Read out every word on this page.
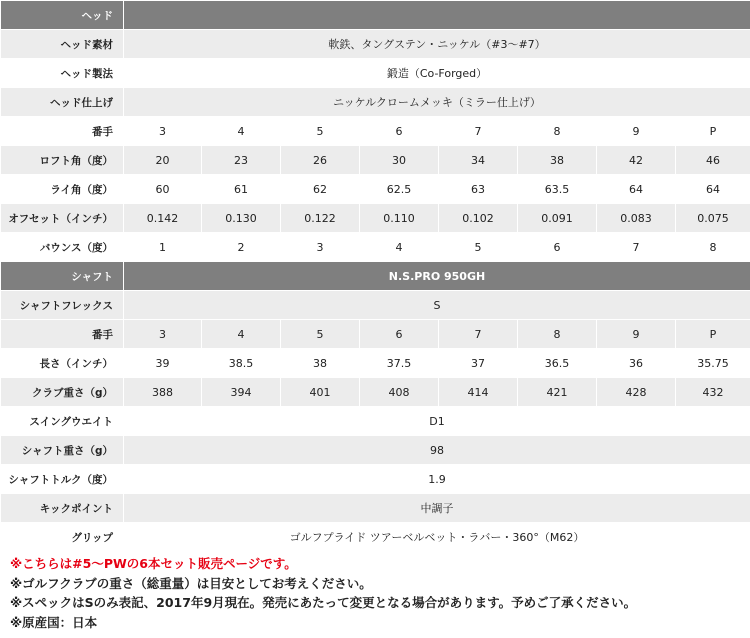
ヘッド								
ヘッド素材	軟鉄、タングステン・ニッケル（#3〜#7）							
ヘッド製法	鍛造（Co-Forged）							
ヘッド仕上げ	ニッケルクロームメッキ（ミラー仕上げ）							
番手	3	4	5	6	7	8	9	P
ロフト角（度）	20	23	26	30	34	38	42	46
ライ角（度）	60	61	62	62.5	63	63.5	64	64
オフセット（インチ）	0.142	0.130	0.122	0.110	0.102	0.091	0.083	0.075
バウンス（度）	1	2	3	4	5	6	7	8
シャフト	N.S.PRO 950GH							
シャフトフレックス	S							
番手	3	4	5	6	7	8	9	P
長さ（インチ）	39	38.5	38	37.5	37	36.5	36	35.75
クラブ重さ（g）	388	394	401	408	414	421	428	432
スイングウエイト	D1							
シャフト重さ（g）	98							
シャフトトルク（度）	1.9							
キックポイント	中調子							
グリップ	ゴルフプライド ツアーベルベット・ラバー・360°（M62）							
※こちらは#5〜PWの6本セット販売ページです。
※ゴルフクラブの重さ（総重量）は目安としてお考えください。
※スペックはSのみ表記、2017年9月現在。発売にあたって変更となる場合があります。予めご了承ください。
※原産国：日本
